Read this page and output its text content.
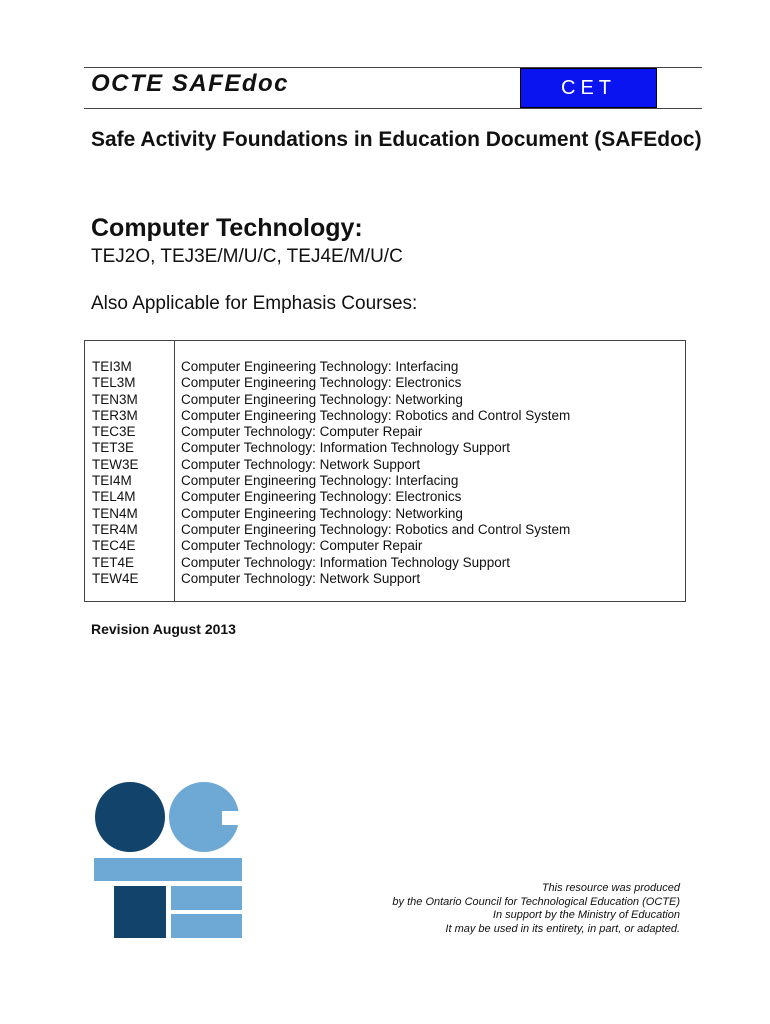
OCTE SAFEdoc	CET
Safe Activity Foundations in Education Document (SAFEdoc)
Computer Technology:
TEJ2O, TEJ3E/M/U/C, TEJ4E/M/U/C
Also Applicable for Emphasis Courses:
TEI3M
TEL3M
TEN3M
TER3M
TEC3E
TET3E
TEW3E
TEI4M
TEL4M
TEN4M
TER4M
TEC4E
TET4E
TEW4E
Computer Engineering Technology: Interfacing
Computer Engineering Technology: Electronics
Computer Engineering Technology: Networking
Computer Engineering Technology: Robotics and Control System
Computer Technology: Computer Repair
Computer Technology: Information Technology Support
Computer Technology: Network Support
Computer Engineering Technology: Interfacing
Computer Engineering Technology: Electronics
Computer Engineering Technology: Networking
Computer Engineering Technology: Robotics and Control System
Computer Technology: Computer Repair
Computer Technology: Information Technology Support
Computer Technology: Network Support
Revision August 2013
This resource was produced
by the Ontario Council for Technological Education (OCTE)
In support by the Ministry of Education
It may be used in its entirety, in part, or adapted.
